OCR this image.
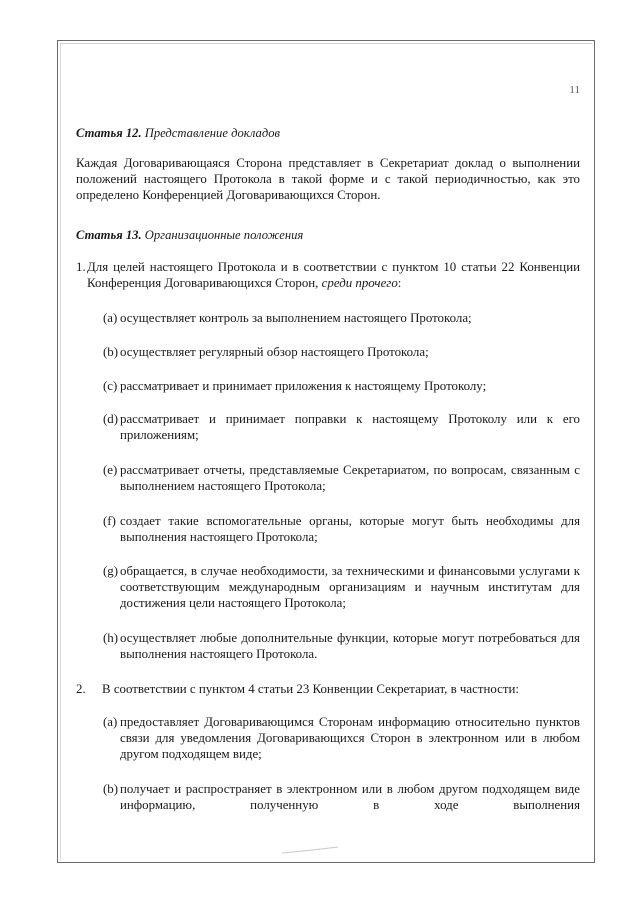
11
Статья 12. Представление докладов
Каждая Договаривающаяся Сторона представляет в Секретариат доклад о выполнении положений настоящего Протокола в такой форме и с такой периодичностью, как это определено Конференцией Договаривающихся Сторон.
Статья 13. Организационные положения
1. Для целей настоящего Протокола и в соответствии с пунктом 10 статьи 22 Конвенции Конференция Договаривающихся Сторон, среди прочего:
(a) осуществляет контроль за выполнением настоящего Протокола;
(b) осуществляет регулярный обзор настоящего Протокола;
(c) рассматривает и принимает приложения к настоящему Протоколу;
(d) рассматривает и принимает поправки к настоящему Протоколу или к его приложениям;
(e) рассматривает отчеты, представляемые Секретариатом, по вопросам, связанным с выполнением настоящего Протокола;
(f) создает такие вспомогательные органы, которые могут быть необходимы для выполнения настоящего Протокола;
(g) обращается, в случае необходимости, за техническими и финансовыми услугами к соответствующим международным организациям и научным институтам для достижения цели настоящего Протокола;
(h) осуществляет любые дополнительные функции, которые могут потребоваться для выполнения настоящего Протокола.
2. В соответствии с пунктом 4 статьи 23 Конвенции Секретариат, в частности:
(a) предоставляет Договаривающимся Сторонам информацию относительно пунктов связи для уведомления Договаривающихся Сторон в электронном или в любом другом подходящем виде;
(b) получает и распространяет в электронном или в любом другом подходящем виде информацию, полученную в ходе выполнения
